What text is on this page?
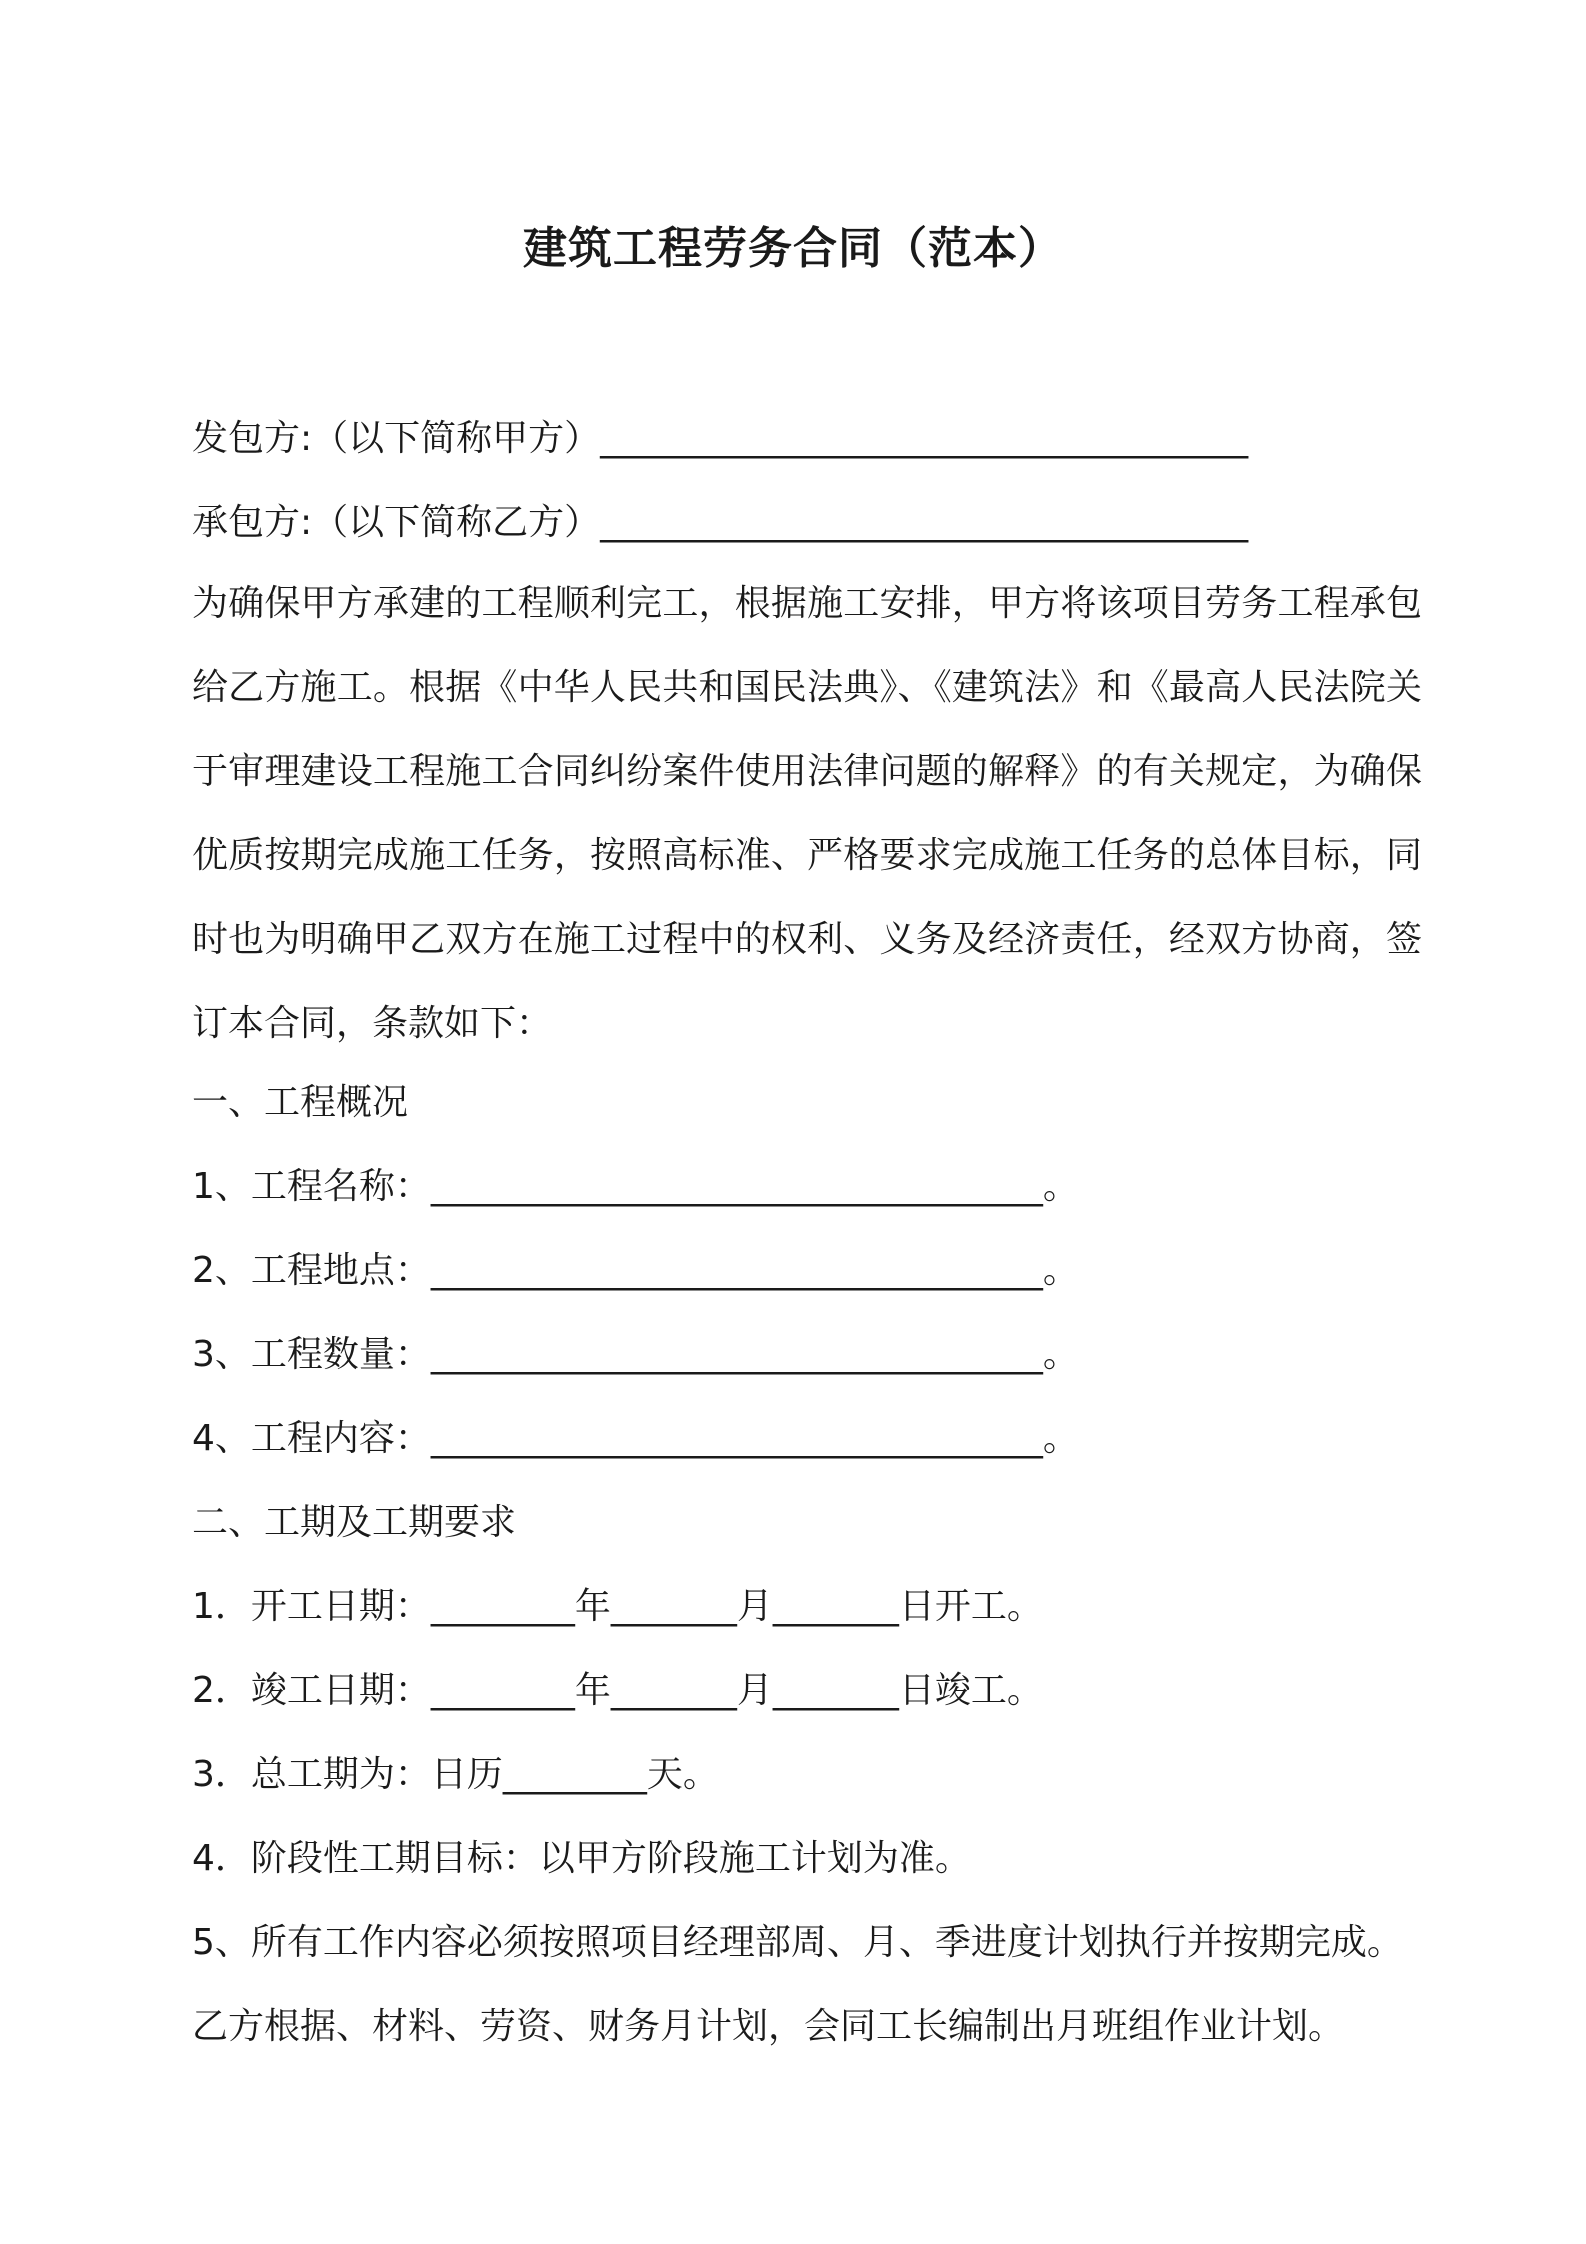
建筑工程劳务合同（范本）
发包方:（以下简称甲方）____________________________________
承包方:（以下简称乙方）____________________________________
为确保甲方承建的工程顺利完工，根据施工安排，甲方将该项目劳务工程承包给乙方施工。根据《中华人民共和国民法典》、《建筑法》和《最高人民法院关于审理建设工程施工合同纠纷案件使用法律问题的解释》的有关规定，为确保优质按期完成施工任务，按照高标准、严格要求完成施工任务的总体目标，同时也为明确甲乙双方在施工过程中的权利、义务及经济责任，经双方协商，签订本合同，条款如下：
一、工程概况
1、工程名称：__________________________________。
2、工程地点：__________________________________。
3、工程数量：__________________________________。
4、工程内容：__________________________________。
二、工期及工期要求
1．开工日期：________年_______月_______日开工。
2．竣工日期：________年_______月_______日竣工。
3．总工期为：日历________天。
4．阶段性工期目标：以甲方阶段施工计划为准。
5、所有工作内容必须按照项目经理部周、月、季进度计划执行并按期完成。
乙方根据、材料、劳资、财务月计划，会同工长编制出月班组作业计划。
